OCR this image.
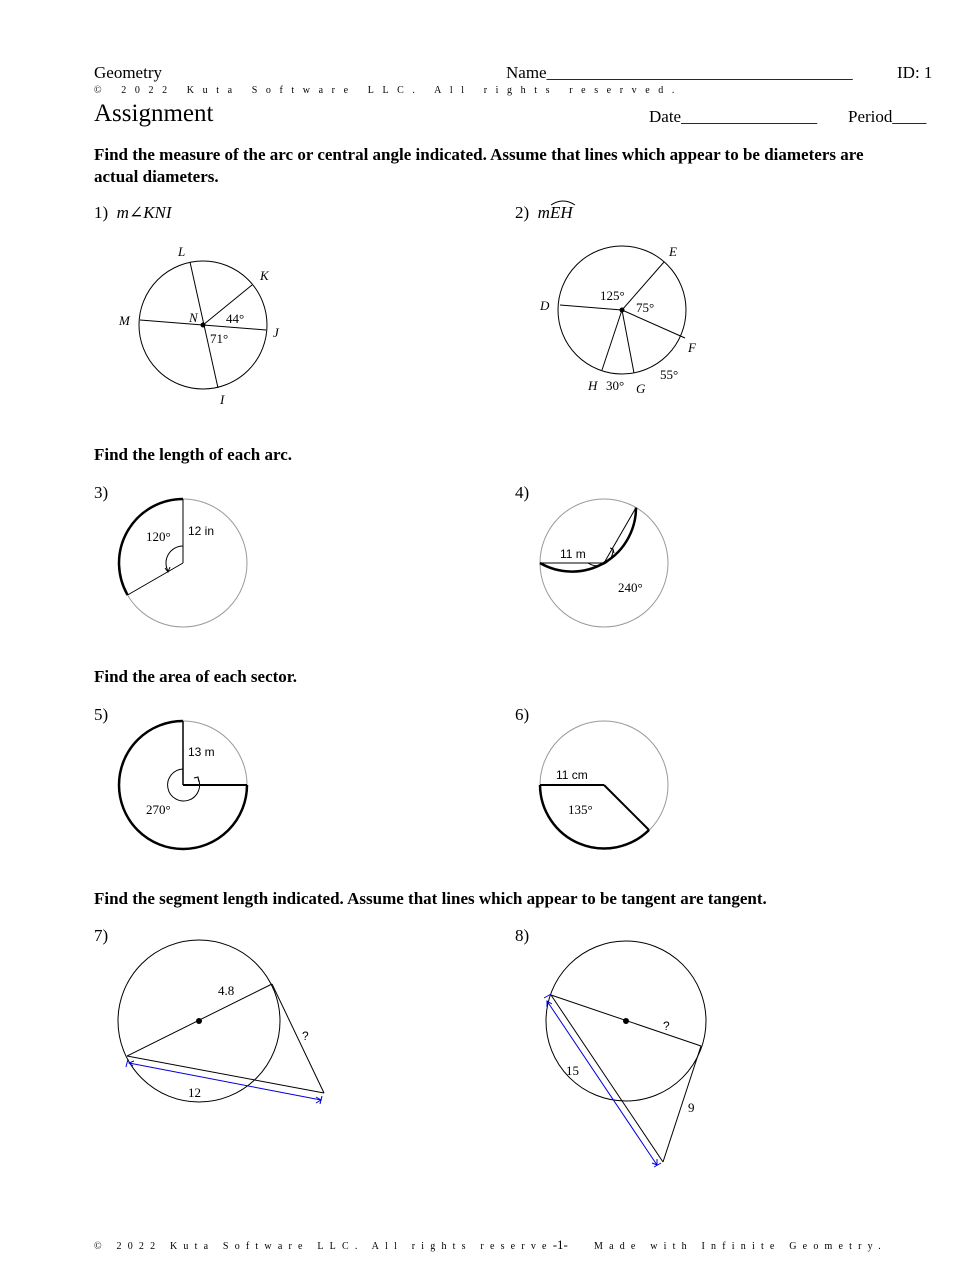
Geometry	Name____________________________________	ID: 1
© 2022 Kuta Software LLC. All rights reserved.
Assignment	Date________________ Period____
Find the measure of the arc or central angle indicated. Assume that lines which appear to be diameters are actual diameters.
1) m∠KNI	2) mEH
L
K
M	N
J
I
44°
71°
E
D
F
H	G
125°
75°
55°
30°
Find the length of each arc.
3)	4)
120° 12 in
240°
11 m
Find the area of each sector.
5)	6)
270°
13 m
135°
11 cm
Find the segment length indicated. Assume that lines which appear to be tangent are tangent.
7)	8)
4.8
?
12
?
15
9
© 2022 Kuta Software LLC. All rights reserve-1-	Made with Infinite Geometry.
